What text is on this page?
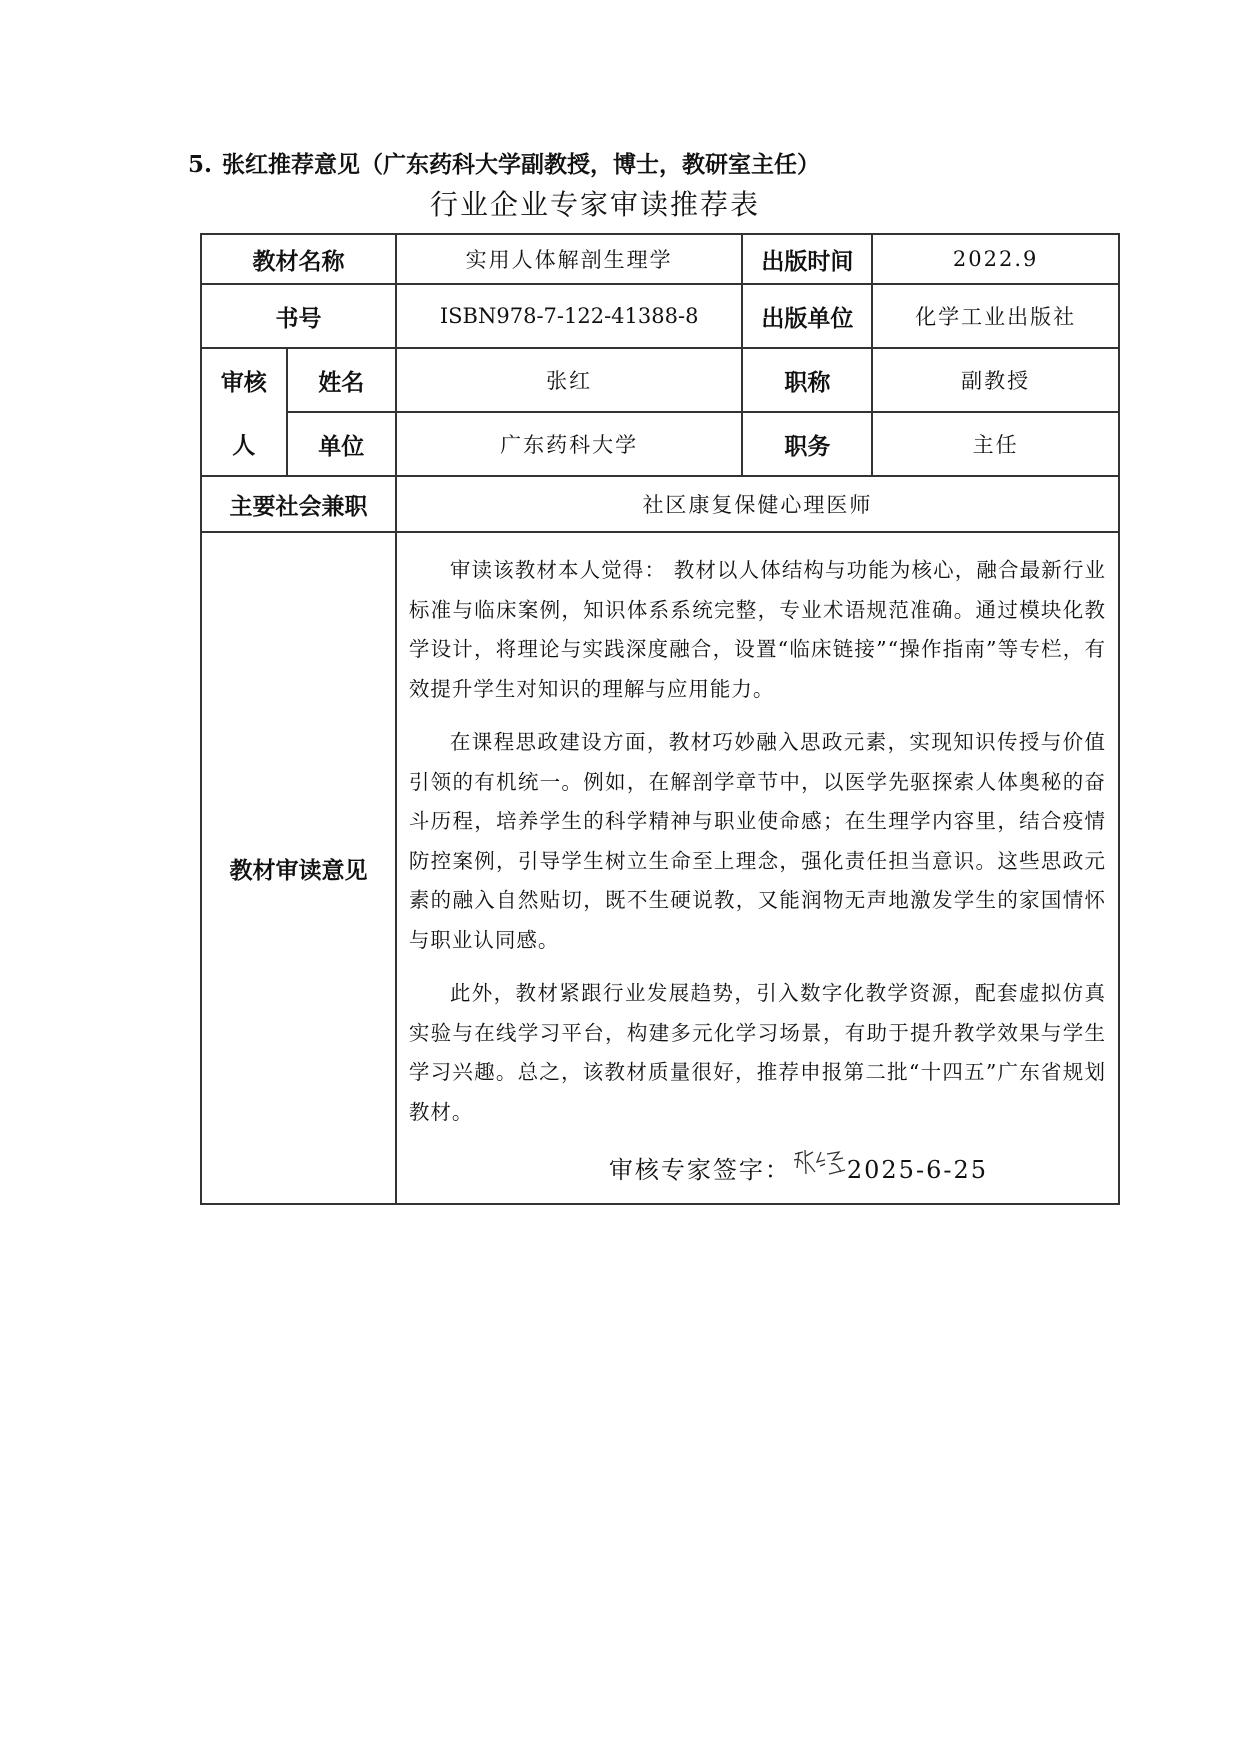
5. 张红推荐意见（广东药科大学副教授，博士，教研室主任）
行业企业专家审读推荐表
教材名称		实用人体解剖生理学	出版时间	2022.9
书号		ISBN978-7-122-41388-8	出版单位	化学工业出版社
审核	姓名	张红	职称	副教授
人	单位	广东药科大学	职务	主任
主要社会兼职		社区康复保健心理医师		
教材审读意见		审读该教材本人觉得： 教材以人体结构与功能为核心，融合最新行业标准与临床案例，知识体系系统完整，专业术语规范准确。通过模块化教学设计，将理论与实践深度融合，设置“临床链接”“操作指南”等专栏，有效提升学生对知识的理解与应用能力。

在课程思政建设方面，教材巧妙融入思政元素，实现知识传授与价值引领的有机统一。例如，在解剖学章节中，以医学先驱探索人体奥秘的奋斗历程，培养学生的科学精神与职业使命感；在生理学内容里，结合疫情防控案例，引导学生树立生命至上理念，强化责任担当意识。这些思政元素的融入自然贴切，既不生硬说教，又能润物无声地激发学生的家国情怀与职业认同感。

此外，教材紧跟行业发展趋势，引入数字化教学资源，配套虚拟仿真实验与在线学习平台，构建多元化学习场景，有助于提升教学效果与学生学习兴趣。总之，该教材质量很好，推荐申报第二批“十四五”广东省规划教材。

审核专家签字： 2025-6-25		
